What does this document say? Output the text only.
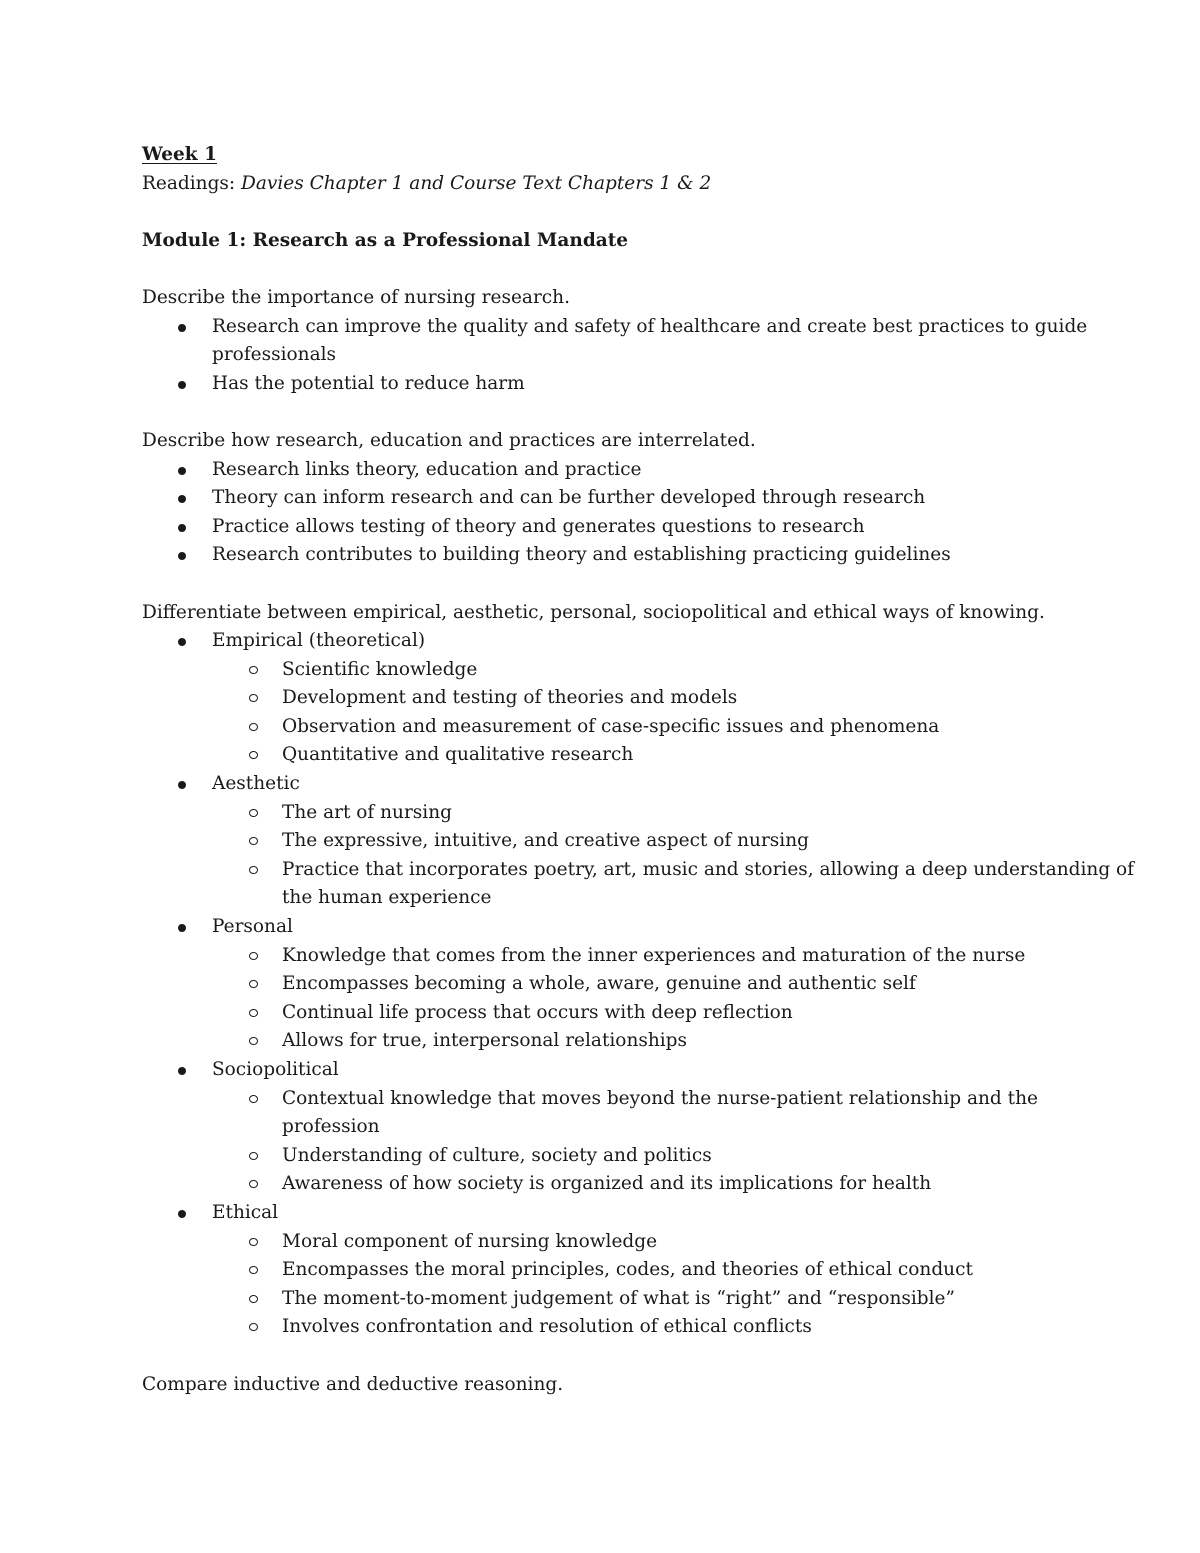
Week 1
Readings: Davies Chapter 1 and Course Text Chapters 1 & 2
Module 1: Research as a Professional Mandate
Describe the importance of nursing research.
Research can improve the quality and safety of healthcare and create best practices to guide
professionals
Has the potential to reduce harm
Describe how research, education and practices are interrelated.
Research links theory, education and practice
Theory can inform research and can be further developed through research
Practice allows testing of theory and generates questions to research
Research contributes to building theory and establishing practicing guidelines
Differentiate between empirical, aesthetic, personal, sociopolitical and ethical ways of knowing.
Empirical (theoretical)
Scientific knowledge
Development and testing of theories and models
Observation and measurement of case-specific issues and phenomena
Quantitative and qualitative research
Aesthetic
The art of nursing
The expressive, intuitive, and creative aspect of nursing
Practice that incorporates poetry, art, music and stories, allowing a deep understanding of
the human experience
Personal
Knowledge that comes from the inner experiences and maturation of the nurse
Encompasses becoming a whole, aware, genuine and authentic self
Continual life process that occurs with deep reflection
Allows for true, interpersonal relationships
Sociopolitical
Contextual knowledge that moves beyond the nurse-patient relationship and the
profession
Understanding of culture, society and politics
Awareness of how society is organized and its implications for health
Ethical
Moral component of nursing knowledge
Encompasses the moral principles, codes, and theories of ethical conduct
The moment-to-moment judgement of what is “right” and “responsible”
Involves confrontation and resolution of ethical conflicts
Compare inductive and deductive reasoning.
